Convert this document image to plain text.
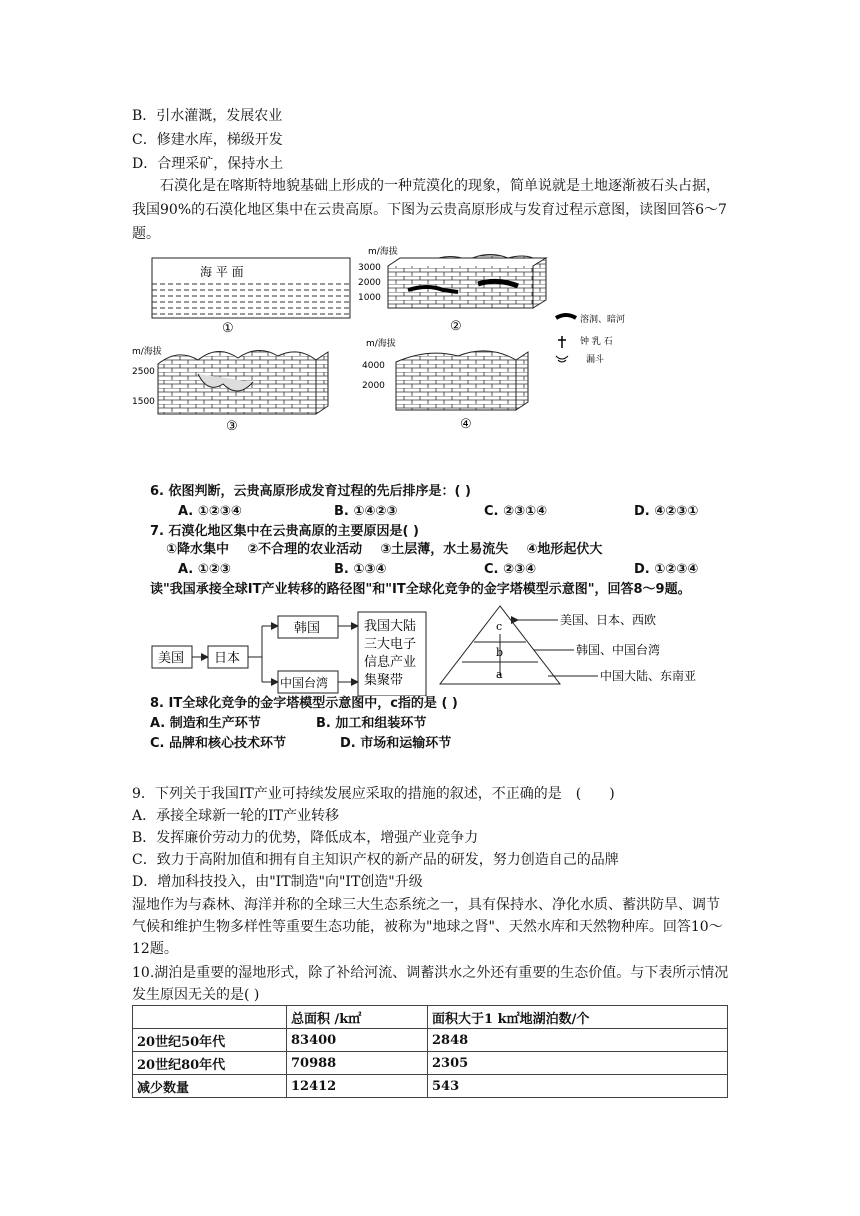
B．引水灌溉，发展农业
C．修建水库，梯级开发
D．合理采矿，保持水土
石漠化是在喀斯特地貌基础上形成的一种荒漠化的现象，简单说就是土地逐渐被石头占据，我国90%的石漠化地区集中在云贵高原。下图为云贵高原形成与发育过程示意图，读图回答6～7题。
海 平 面
①
m/海拔
3000
2000
1000
②
m/海拔
2500
1500
③
m/海拔
4000
2000
④
溶洞、暗河
钟 乳 石
漏斗
6. 依图判断，云贵高原形成发育过程的先后排序是：( )
A. ①②③④	B. ①④②③	C. ②③①④	D. ④②③①
7. 石漠化地区集中在云贵高原的主要原因是( )
①降水集中    ②不合理的农业活动    ③土层薄，水土易流失    ④地形起伏大
A. ①②③	B. ①③④	C. ②③④	D. ①②③④
读"我国承接全球IT产业转移的路径图"和"IT全球化竞争的金字塔模型示意图"，回答8～9题。
美国 日本
韩国
中国台湾
我国大陆
三大电子
信息产业
集聚带
c
b
a
美国、日本、西欧
韩国、中国台湾
中国大陆、东南亚
8. IT全球化竞争的金字塔模型示意图中，c指的是 ( )
A. 制造和生产环节	B. 加工和组装环节
C. 品牌和核心技术环节	D. 市场和运输环节
9．下列关于我国IT产业可持续发展应采取的措施的叙述，不正确的是　(　　)
A．承接全球新一轮的IT产业转移
B．发挥廉价劳动力的优势，降低成本，增强产业竞争力
C．致力于高附加值和拥有自主知识产权的新产品的研发，努力创造自己的品牌
D．增加科技投入，由"IT制造"向"IT创造"升级
湿地作为与森林、海洋并称的全球三大生态系统之一，具有保持水、净化水质、蓄洪防旱、调节气候和维护生物多样性等重要生态功能，被称为"地球之肾"、天然水库和天然物种库。回答10～12题。
10.湖泊是重要的湿地形式，除了补给河流、调蓄洪水之外还有重要的生态价值。与下表所示情况发生原因无关的是( )
	总面积 /k㎡	面积大于1 k㎡地湖泊数/个
20世纪50年代	83400	2848
20世纪80年代	70988	2305
减少数量	12412	543
